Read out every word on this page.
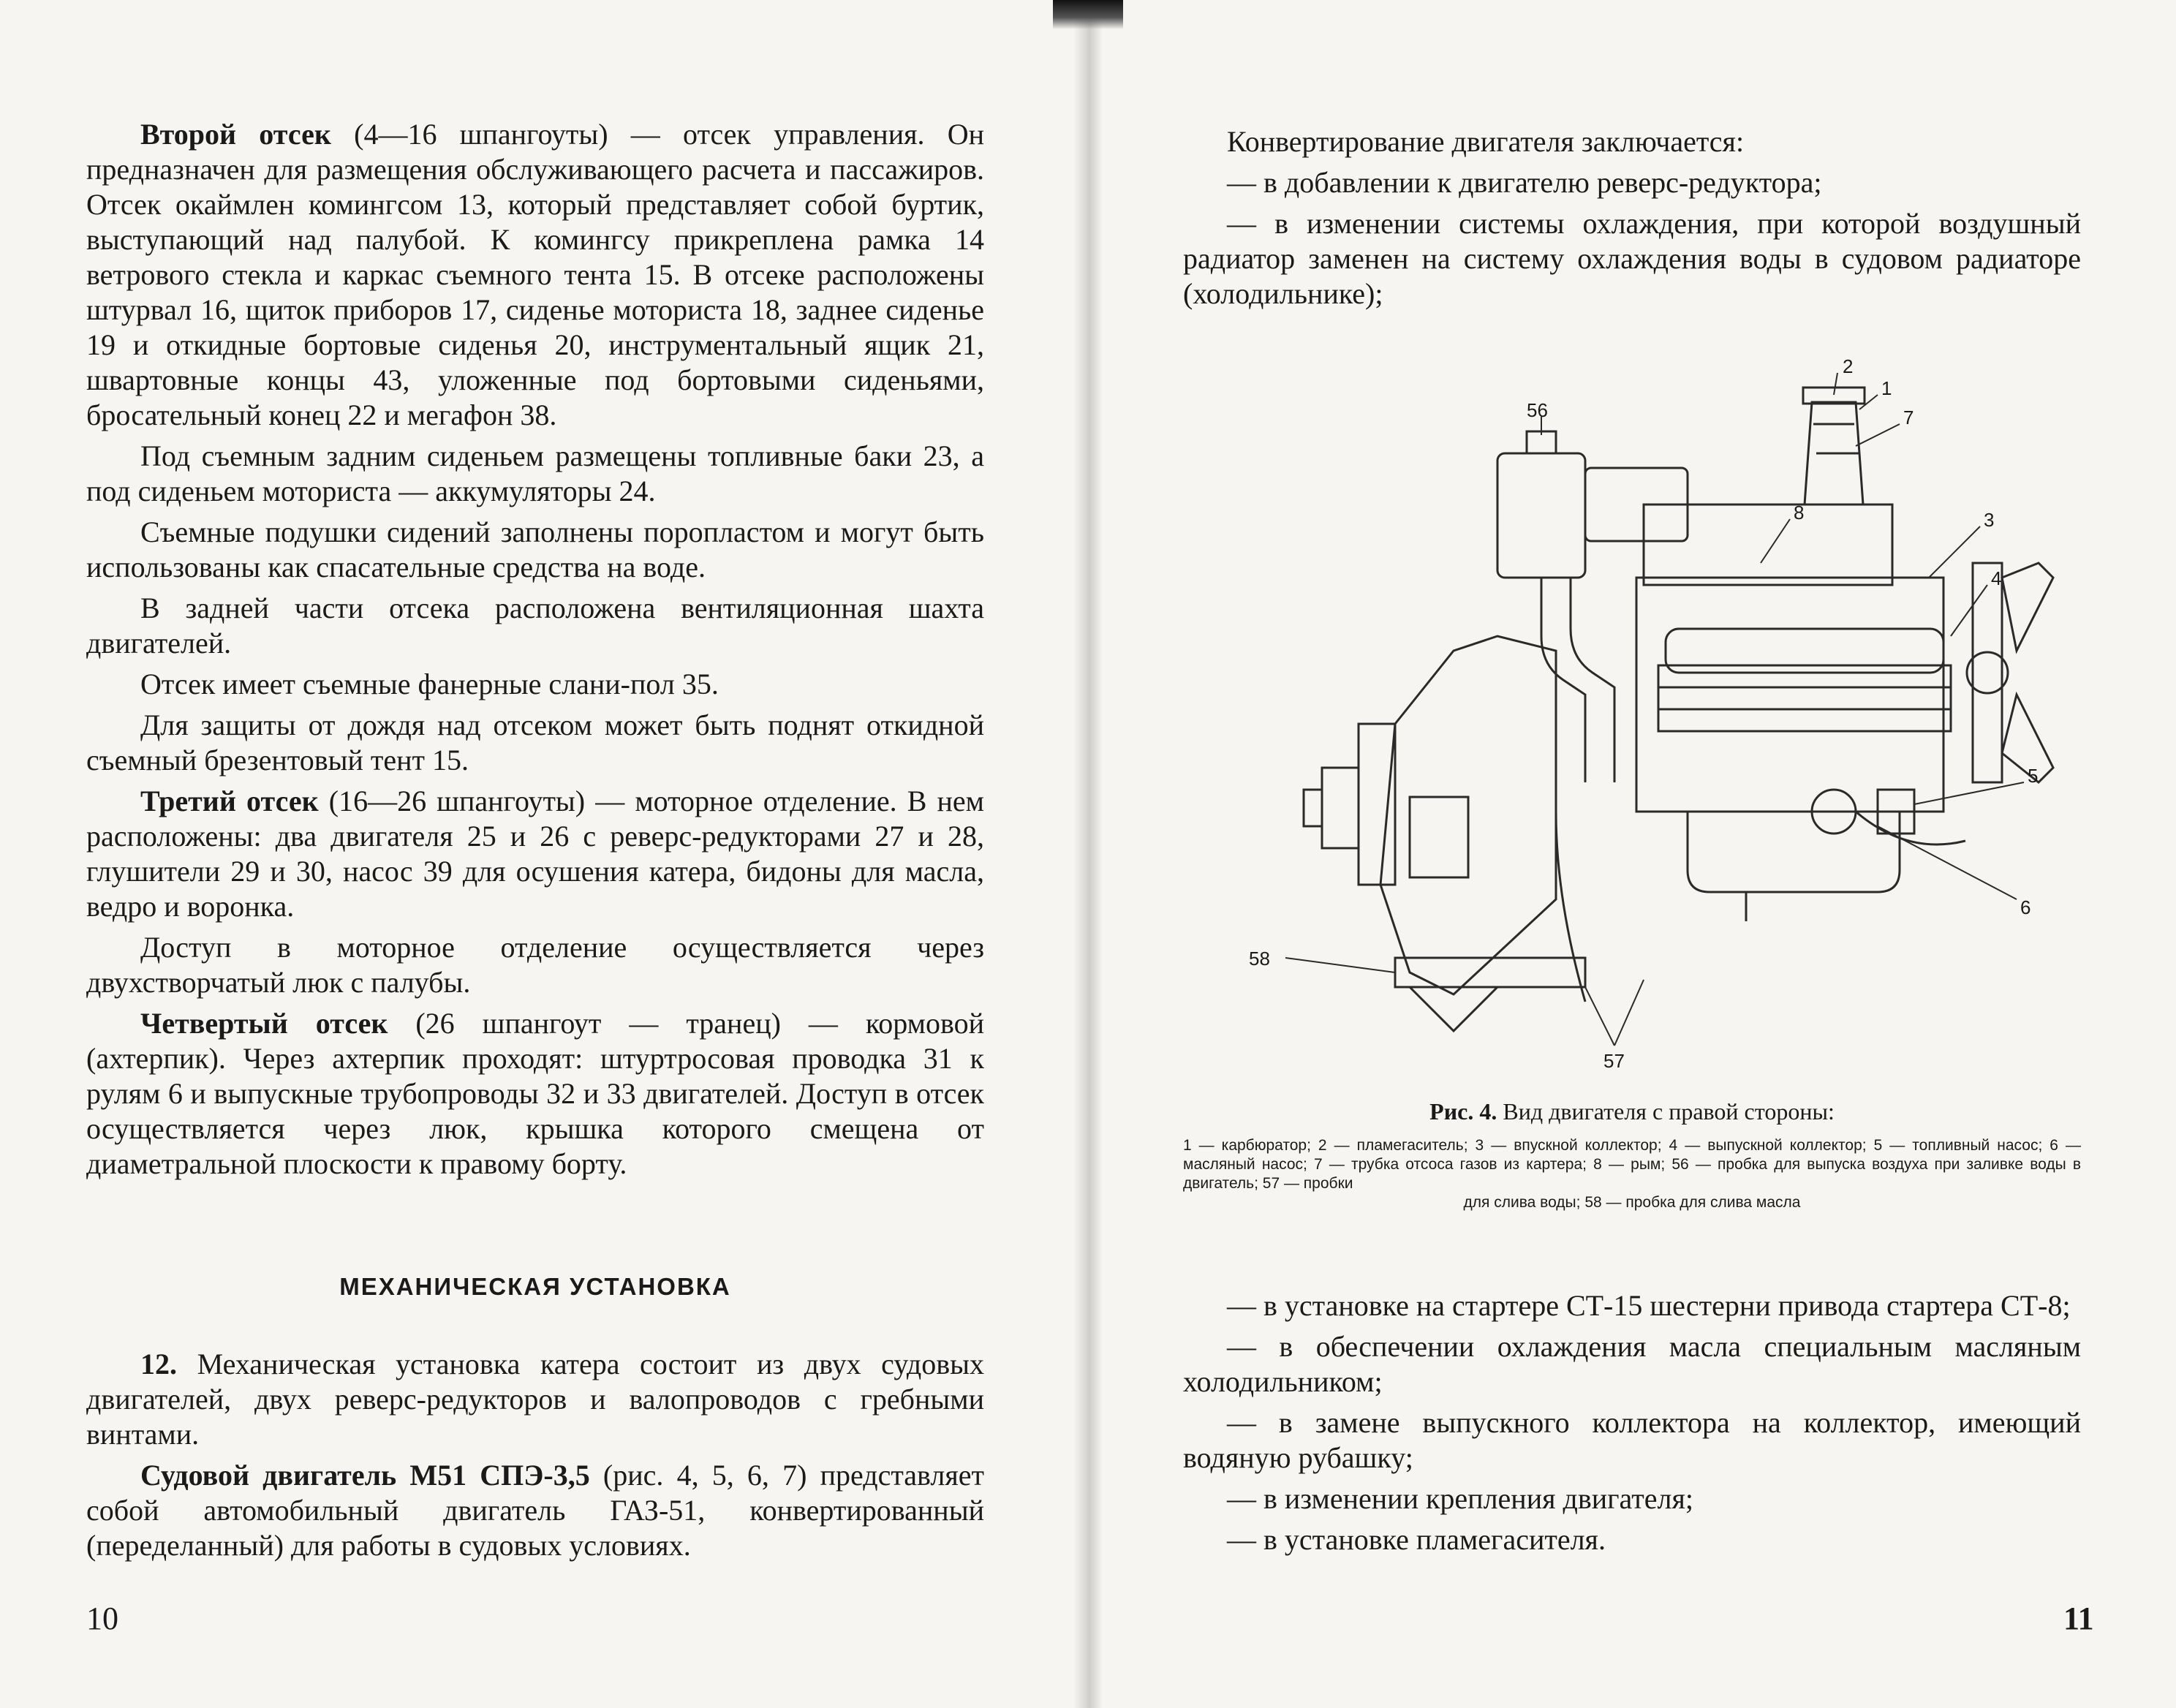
Второй отсек (4—16 шпангоуты) — отсек управления. Он предназначен для размещения обслуживающего расчета и пассажиров. Отсек окаймлен комингсом 13, который представляет собой буртик, выступающий над палубой. К комингсу прикреплена рамка 14 ветрового стекла и каркас съемного тента 15. В отсеке расположены штурвал 16, щиток приборов 17, сиденье моториста 18, заднее сиденье 19 и откидные бортовые сиденья 20, инструментальный ящик 21, швартовные концы 43, уложенные под бортовыми сиденьями, бросательный конец 22 и мегафон 38.

Под съемным задним сиденьем размещены топливные баки 23, а под сиденьем моториста — аккумуляторы 24.

Съемные подушки сидений заполнены поропластом и могут быть использованы как спасательные средства на воде.

В задней части отсека расположена вентиляционная шахта двигателей.

Отсек имеет съемные фанерные слани-пол 35.

Для защиты от дождя над отсеком может быть поднят откидной съемный брезентовый тент 15.

Третий отсек (16—26 шпангоуты) — моторное отделение. В нем расположены: два двигателя 25 и 26 с реверс-редукторами 27 и 28, глушители 29 и 30, насос 39 для осушения катера, бидоны для масла, ведро и воронка.

Доступ в моторное отделение осуществляется через двухстворчатый люк с палубы.

Четвертый отсек (26 шпангоут — транец) — кормовой (ахтерпик). Через ахтерпик проходят: штуртросовая проводка 31 к рулям 6 и выпускные трубопроводы 32 и 33 двигателей. Доступ в отсек осуществляется через люк, крышка которого смещена от диаметральной плоскости к правому борту.

МЕХАНИЧЕСКАЯ УСТАНОВКА

12. Механическая установка катера состоит из двух судовых двигателей, двух реверс-редукторов и валопроводов с гребными винтами.

Судовой двигатель М51 СПЭ-3,5 (рис. 4, 5, 6, 7) представляет собой автомобильный двигатель ГАЗ-51, конвертированный (переделанный) для работы в судовых условиях.

10

Конвертирование двигателя заключается:

— в добавлении к двигателю реверс-редуктора;

— в изменении системы охлаждения, при которой воздушный радиатор заменен на систему охлаждения воды в судовом радиаторе (холодильнике);

2
1
7
56
8	3
4
5
6
58
57

Рис. 4. Вид двигателя с правой стороны:

1 — карбюратор; 2 — пламегаситель; 3 — впускной коллектор; 4 — выпускной коллектор; 5 — топливный насос; 6 — масляный насос; 7 — трубка отсоса газов из картера; 8 — рым; 56 — пробка для выпуска воздуха при заливке воды в двигатель; 57 — пробки
для слива воды; 58 — пробка для слива масла

— в установке на стартере СТ-15 шестерни привода стартера СТ-8;

— в обеспечении охлаждения масла специальным масляным холодильником;

— в замене выпускного коллектора на коллектор, имеющий водяную рубашку;

— в изменении крепления двигателя;

— в установке пламегасителя.

11
